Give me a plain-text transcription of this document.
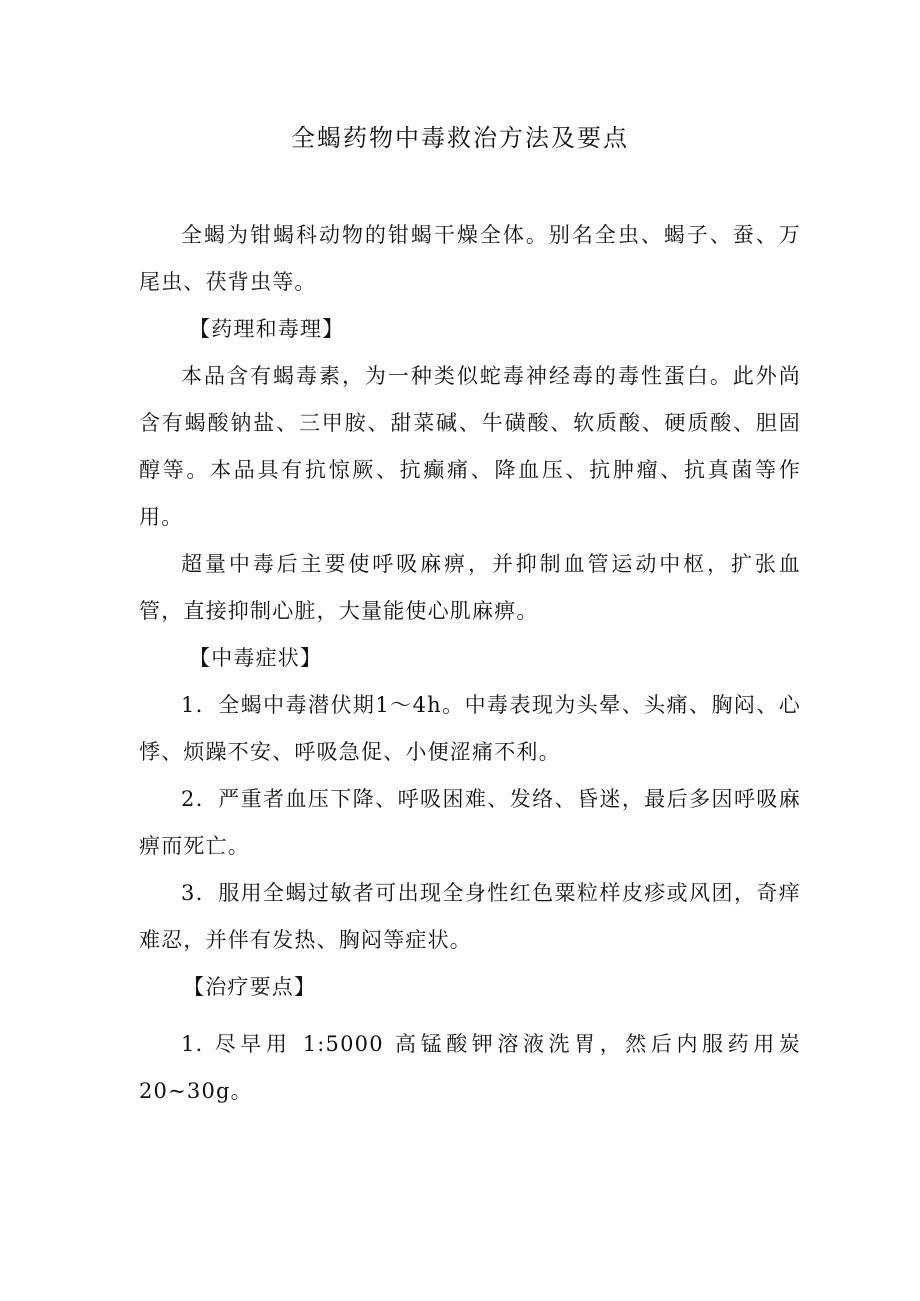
全蝎药物中毒救治方法及要点

全蝎为钳蝎科动物的钳蝎干燥全体。别名全虫、蝎子、蚕、万尾虫、茯背虫等。

【药理和毒理】

本品含有蝎毒素，为一种类似蛇毒神经毒的毒性蛋白。此外尚含有蝎酸钠盐、三甲胺、甜菜碱、牛磺酸、软质酸、硬质酸、胆固醇等。本品具有抗惊厥、抗癫痛、降血压、抗肿瘤、抗真菌等作用。

超量中毒后主要使呼吸麻痹，并抑制血管运动中枢，扩张血管，直接抑制心脏，大量能使心肌麻痹。

【中毒症状】

1．全蝎中毒潜伏期1～4h。中毒表现为头晕、头痛、胸闷、心悸、烦躁不安、呼吸急促、小便涩痛不利。

2．严重者血压下降、呼吸困难、发络、昏迷，最后多因呼吸麻痹而死亡。

3．服用全蝎过敏者可出现全身性红色粟粒样皮疹或风团，奇痒难忍，并伴有发热、胸闷等症状。

【治疗要点】

1. 尽早用 1:5000 高锰酸钾溶液洗胃，然后内服药用炭 20~30g。
